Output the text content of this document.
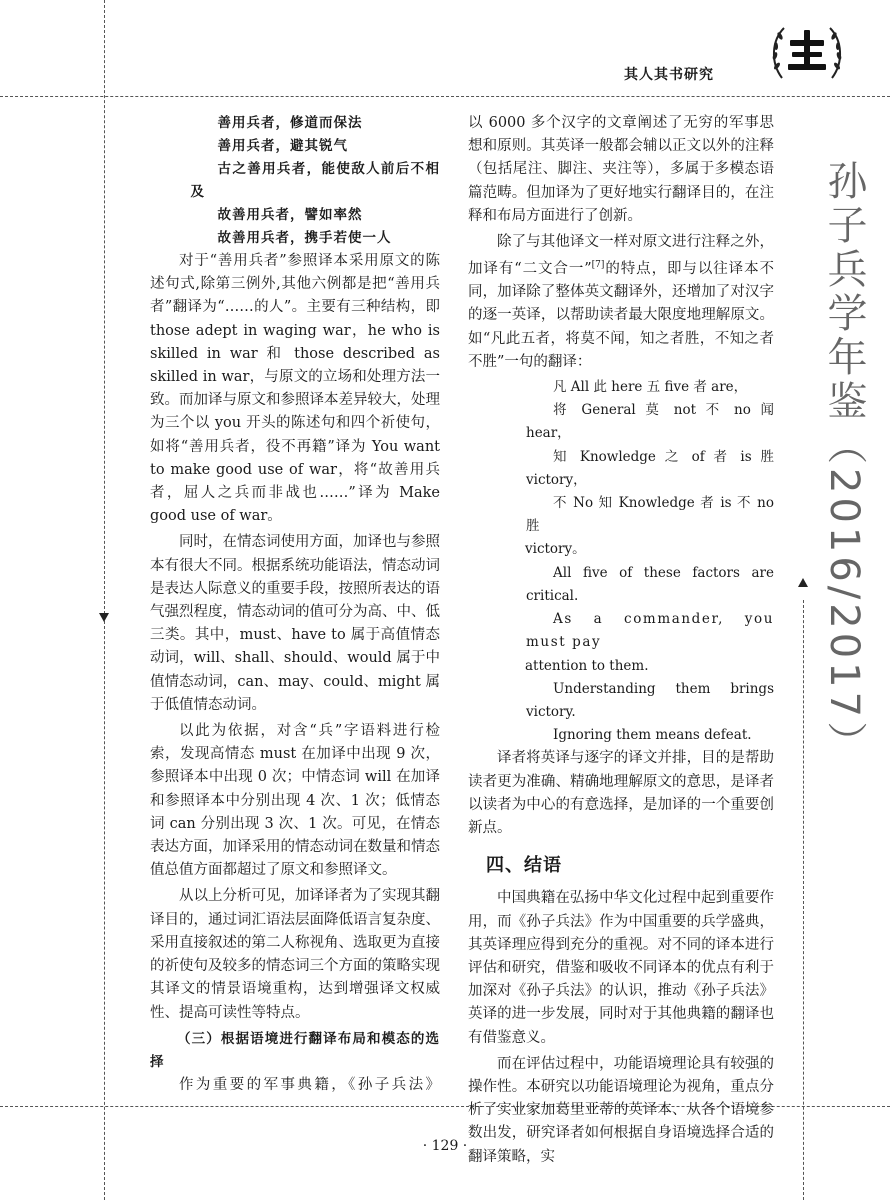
其人其书研究
孙子兵学年鉴（2016/2017）

善用兵者，修道而保法

善用兵者，避其锐气

古之善用兵者，能使敌人前后不相及

故善用兵者，譬如率然

故善用兵者，携手若使一人

对于“善用兵者”参照译本采用原文的陈述句式,除第三例外,其他六例都是把“善用兵者”翻译为“……的人”。主要有三种结构，即 those adept in waging war，he who is skilled in war 和 those described as skilled in war，与原文的立场和处理方法一致。而加译与原文和参照译本差异较大，处理为三个以 you 开头的陈述句和四个祈使句，如将“善用兵者，役不再籍”译为 You want to make good use of war，将“故善用兵者，屈人之兵而非战也……”译为 Make good use of war。

同时，在情态词使用方面，加译也与参照本有很大不同。根据系统功能语法，情态动词是表达人际意义的重要手段，按照所表达的语气强烈程度，情态动词的值可分为高、中、低三类。其中，must、have to 属于高值情态动词，will、shall、should、would 属于中值情态动词，can、may、could、might 属于低值情态动词。

以此为依据，对含“兵”字语料进行检索，发现高情态 must 在加译中出现 9 次，参照译本中出现 0 次；中情态词 will 在加译和参照译本中分别出现 4 次、1 次；低情态词 can 分别出现 3 次、1 次。可见，在情态表达方面，加译采用的情态动词在数量和情态值总值方面都超过了原文和参照译文。

从以上分析可见，加译译者为了实现其翻译目的，通过词汇语法层面降低语言复杂度、采用直接叙述的第二人称视角、选取更为直接的祈使句及较多的情态词三个方面的策略实现其译文的情景语境重构，达到增强译文权威性、提高可读性等特点。

（三）根据语境进行翻译布局和模态的选择

作为重要的军事典籍，《孙子兵法》

以 6000 多个汉字的文章阐述了无穷的军事思想和原则。其英译一般都会辅以正文以外的注释（包括尾注、脚注、夹注等），多属于多模态语篇范畴。但加译为了更好地实行翻译目的，在注释和布局方面进行了创新。

除了与其他译文一样对原文进行注释之外，加译有“二文合一”[7]的特点，即与以往译本不同，加译除了整体英文翻译外，还增加了对汉字的逐一英译，以帮助读者最大限度地理解原文。如“凡此五者，将莫不闻，知之者胜，不知之者不胜”一句的翻译：

凡 All 此 here 五 five 者 are，

将 General 莫 not 不 no 闻 hear，

知 Knowledge 之 of 者 is 胜 victory，

不 No 知 Knowledge 者 is 不 no 胜

victory。

All five of these factors are critical.

As a commander, you must pay

attention to them.

Understanding them brings victory.

Ignoring them means defeat.

译者将英译与逐字的译文并排，目的是帮助读者更为准确、精确地理解原文的意思，是译者以读者为中心的有意选择，是加译的一个重要创新点。

四、结语

中国典籍在弘扬中华文化过程中起到重要作用，而《孙子兵法》作为中国重要的兵学盛典，其英译理应得到充分的重视。对不同的译本进行评估和研究，借鉴和吸收不同译本的优点有利于加深对《孙子兵法》的认识，推动《孙子兵法》英译的进一步发展，同时对于其他典籍的翻译也有借鉴意义。

而在评估过程中，功能语境理论具有较强的操作性。本研究以功能语境理论为视角，重点分析了实业家加葛里亚蒂的英译本、从各个语境参数出发，研究译者如何根据自身语境选择合适的翻译策略，实

· 129 ·
